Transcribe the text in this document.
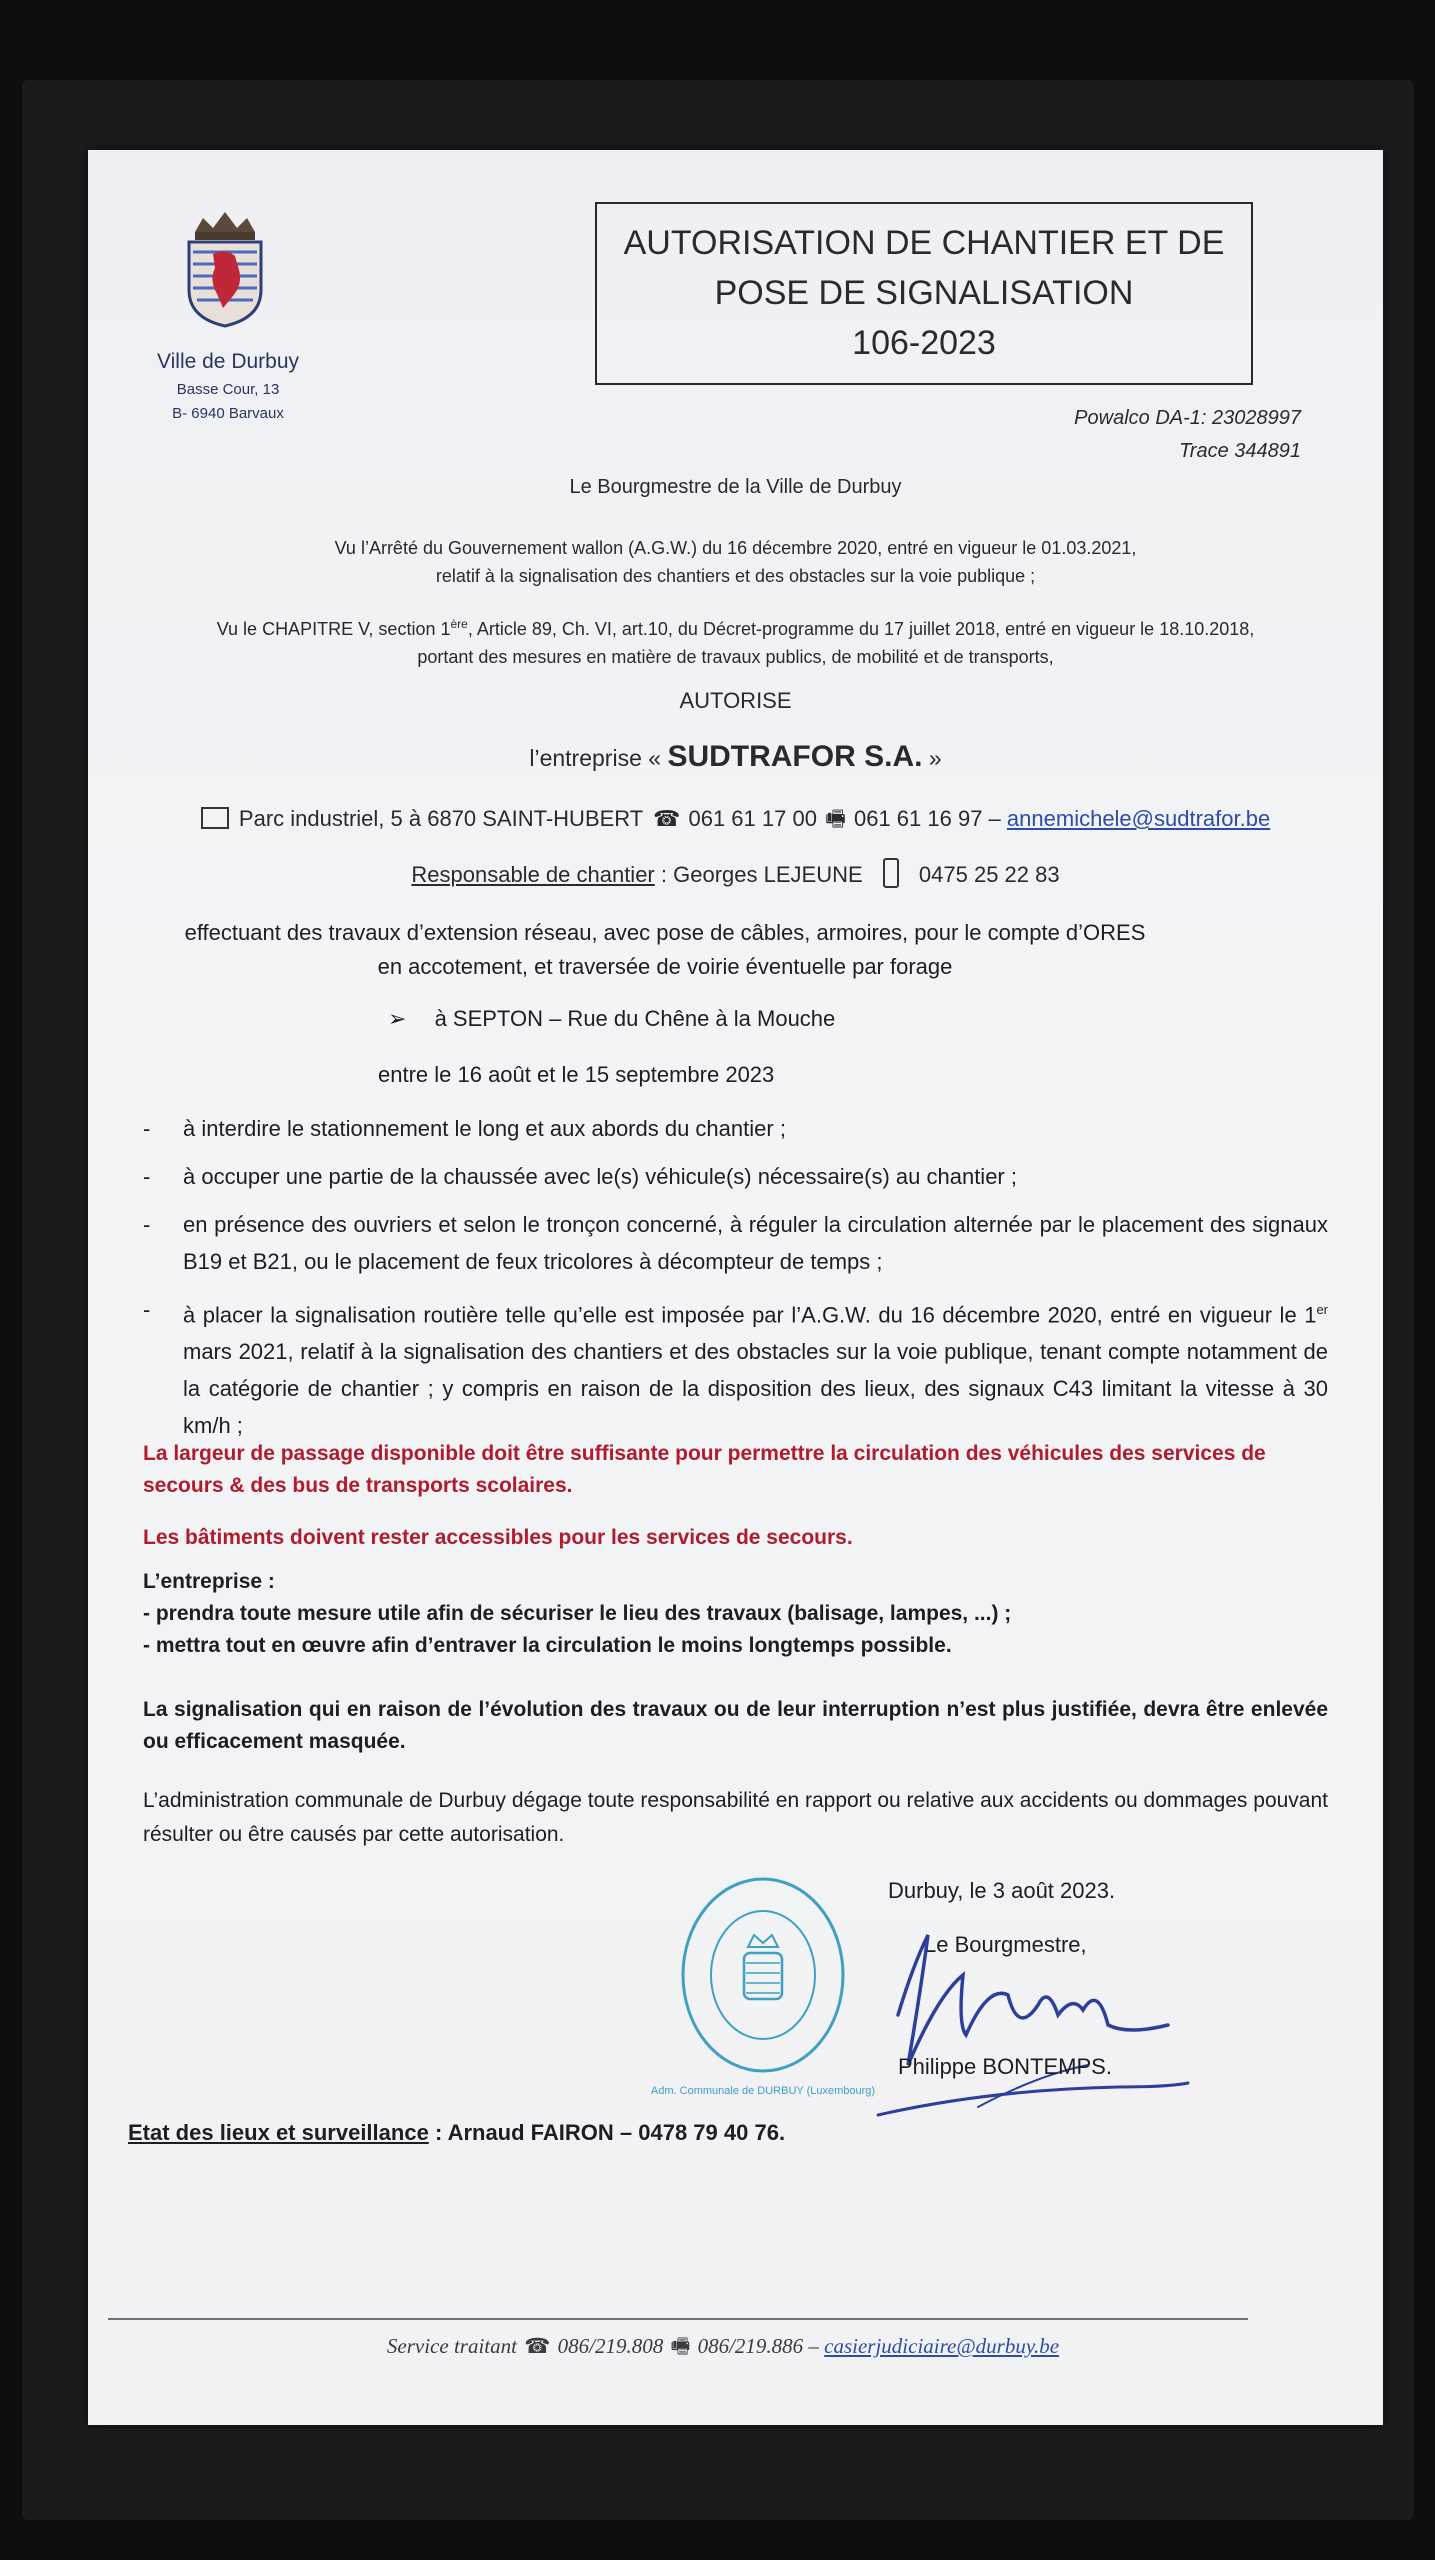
Ville de Durbuy
Basse Cour, 13
B- 6940 Barvaux
AUTORISATION DE CHANTIER ET DE
POSE DE SIGNALISATION
106-2023
Powalco DA-1: 23028997
Trace 344891
Le Bourgmestre de la Ville de Durbuy
Vu l’Arrêté du Gouvernement wallon (A.G.W.) du 16 décembre 2020, entré en vigueur le 01.03.2021,
relatif à la signalisation des chantiers et des obstacles sur la voie publique ;
Vu le CHAPITRE V, section 1ère, Article 89, Ch. VI, art.10, du Décret-programme du 17 juillet 2018, entré en vigueur le 18.10.2018,
portant des mesures en matière de travaux publics, de mobilité et de transports,
AUTORISE
l’entreprise « SUDTRAFOR S.A. »
Parc industriel, 5 à 6870 SAINT-HUBERT ☎ 061 61 17 00 🖷 061 61 16 97 – annemichele@sudtrafor.be
Responsable de chantier : Georges LEJEUNE	0475 25 22 83
effectuant des travaux d’extension réseau, avec pose de câbles, armoires, pour le compte d’ORES
en accotement, et traversée de voirie éventuelle par forage
➢ à SEPTON – Rue du Chêne à la Mouche
entre le 16 août et le 15 septembre 2023
- à interdire le stationnement le long et aux abords du chantier ;
- à occuper une partie de la chaussée avec le(s) véhicule(s) nécessaire(s) au chantier ;
- en présence des ouvriers et selon le tronçon concerné, à réguler la circulation alternée par le placement des signaux B19 et B21, ou le placement de feux tricolores à décompteur de temps ;
- à placer la signalisation routière telle qu’elle est imposée par l’A.G.W. du 16 décembre 2020, entré en vigueur le 1er mars 2021, relatif à la signalisation des chantiers et des obstacles sur la voie publique, tenant compte notamment de la catégorie de chantier ; y compris en raison de la disposition des lieux, des signaux C43 limitant la vitesse à 30 km/h ;
La largeur de passage disponible doit être suffisante pour permettre la circulation des véhicules des services de secours & des bus de transports scolaires.
Les bâtiments doivent rester accessibles pour les services de secours.
L’entreprise :
- prendra toute mesure utile afin de sécuriser le lieu des travaux (balisage, lampes, ...) ;
- mettra tout en œuvre afin d’entraver la circulation le moins longtemps possible.
La signalisation qui en raison de l’évolution des travaux ou de leur interruption n’est plus justifiée, devra être enlevée ou efficacement masquée.
L’administration communale de Durbuy dégage toute responsabilité en rapport ou relative aux accidents ou dommages pouvant résulter ou être causés par cette autorisation.
Adm. Communale de DURBUY (Luxembourg)
Durbuy, le 3 août 2023.
Le Bourgmestre,
Philippe BONTEMPS.
Etat des lieux et surveillance : Arnaud FAIRON – 0478 79 40 76.
Service traitant ☎ 086/219.808 🖷 086/219.886 – casierjudiciaire@durbuy.be
